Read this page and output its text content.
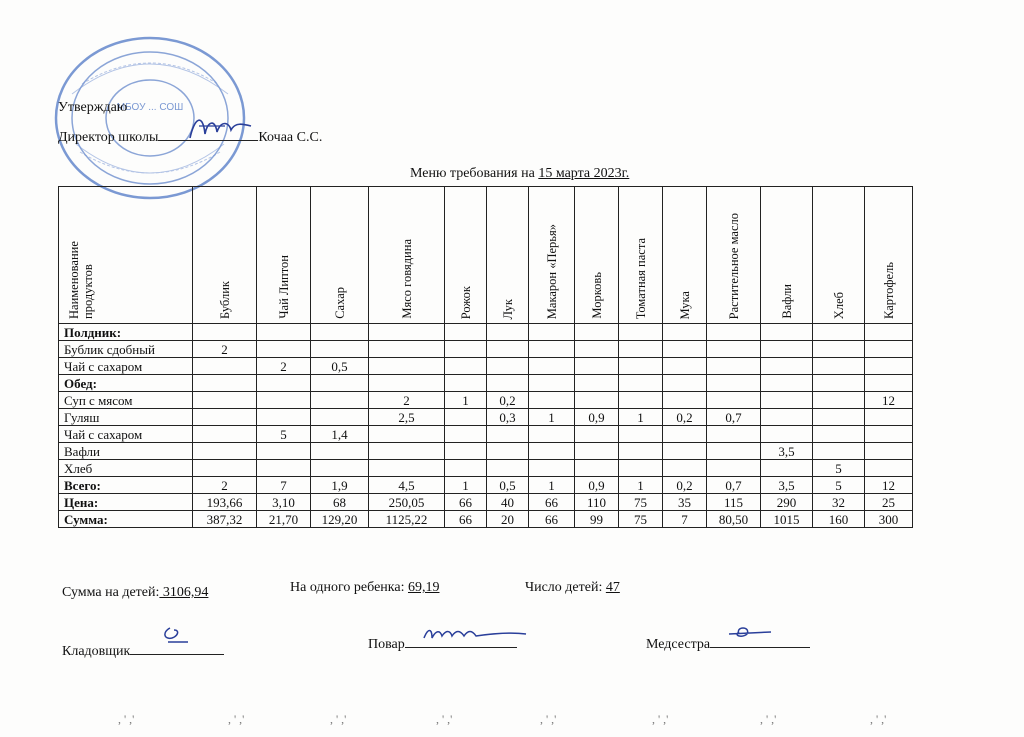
МБОУ ... СОШ
Утверждаю
Директор школы	Кочаа С.С.
Меню требования на 15 марта 2023г.
Наименование продуктов	Бублик	Чай Липтон	Сахар	Мясо говядина	Рожок	Лук	Макарон «Перья»	Морковь	Томатная паста	Мука	Растительное масло	Вафли	Хлеб	Картофель

Полдник:														
Бублик сдобный	2													
Чай с сахаром		2	0,5											
Обед:														
Суп с мясом				2	1	0,2								12
Гуляш				2,5		0,3	1	0,9	1	0,2	0,7			
Чай с сахаром		5	1,4											
Вафли												3,5		
Хлеб													5	
Всего:	2	7	1,9	4,5	1	0,5	1	0,9	1	0,2	0,7	3,5	5	12
Цена:	193,66	3,10	68	250,05	66	40	66	110	75	35	115	290	32	25
Сумма:	387,32	21,70	129,20	1125,22	66	20	66	99	75	7	80,50	1015	160	300
Сумма на детей: 3106,94	На одного ребенка: 69,19	Число детей: 47
Кладовщик	Повар	Медсестра
, ' ,'	, ' ,'	, ' ,'	, ' ,'	, ' ,'	, ' ,'	, ' ,'	, ' ,'
